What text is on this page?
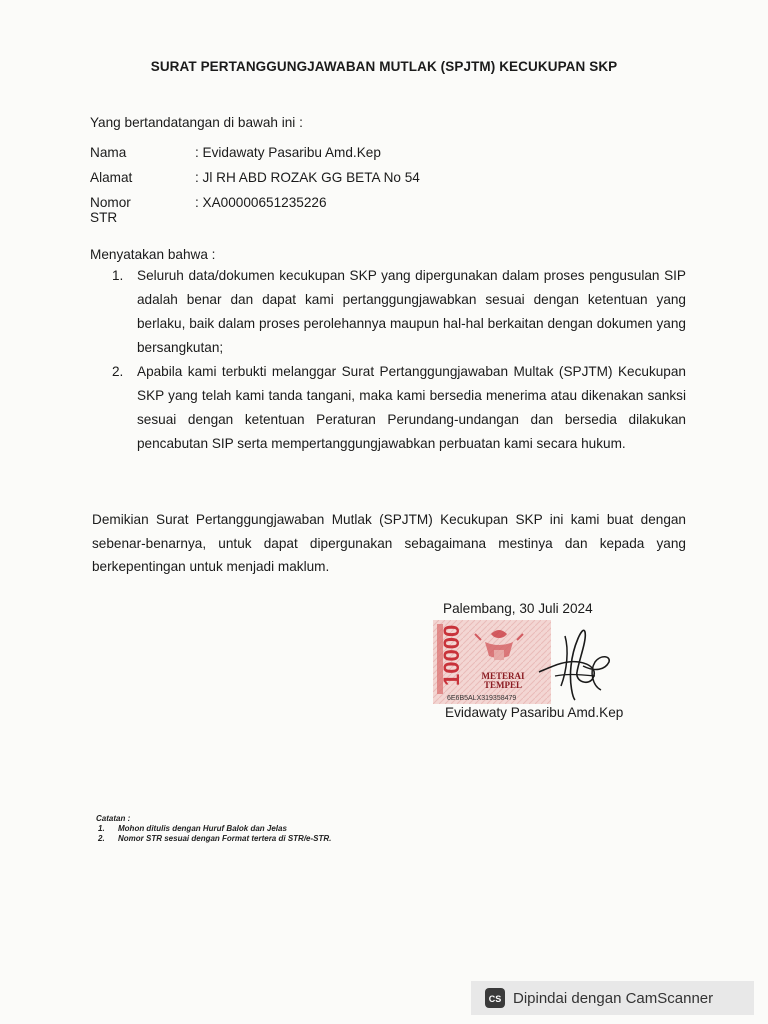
SURAT PERTANGGUNGJAWABAN MUTLAK (SPJTM) KECUKUPAN SKP
Yang bertandatangan di bawah ini :
Nama	: Evidawaty Pasaribu Amd.Kep
Alamat	: Jl RH ABD ROZAK GG BETA No 54
Nomor STR
: XA00000651235226
Menyatakan bahwa :
1. Seluruh data/dokumen kecukupan SKP yang dipergunakan dalam proses pengusulan SIP adalah benar dan dapat kami pertanggungjawabkan sesuai dengan ketentuan yang berlaku, baik dalam proses perolehannya maupun hal-hal berkaitan dengan dokumen yang bersangkutan;
2. Apabila kami terbukti melanggar Surat Pertanggungjawaban Multak (SPJTM) Kecukupan SKP yang telah kami tanda tangani, maka kami bersedia menerima atau dikenakan sanksi sesuai dengan ketentuan Peraturan Perundang-undangan dan bersedia dilakukan pencabutan SIP serta mempertanggungjawabkan perbuatan kami secara hukum.
Demikian Surat Pertanggungjawaban Mutlak (SPJTM) Kecukupan SKP ini kami buat dengan sebenar-benarnya, untuk dapat dipergunakan sebagaimana mestinya dan kepada yang berkepentingan untuk menjadi maklum.
Palembang, 30 Juli 2024
10000 METERAI
TEMPEL
6E6B5ALX319358479
Evidawaty Pasaribu Amd.Kep
Catatan :
1. Mohon ditulis dengan Huruf Balok dan Jelas
2. Nomor STR sesuai dengan Format tertera di STR/e-STR.
CS Dipindai dengan CamScanner
